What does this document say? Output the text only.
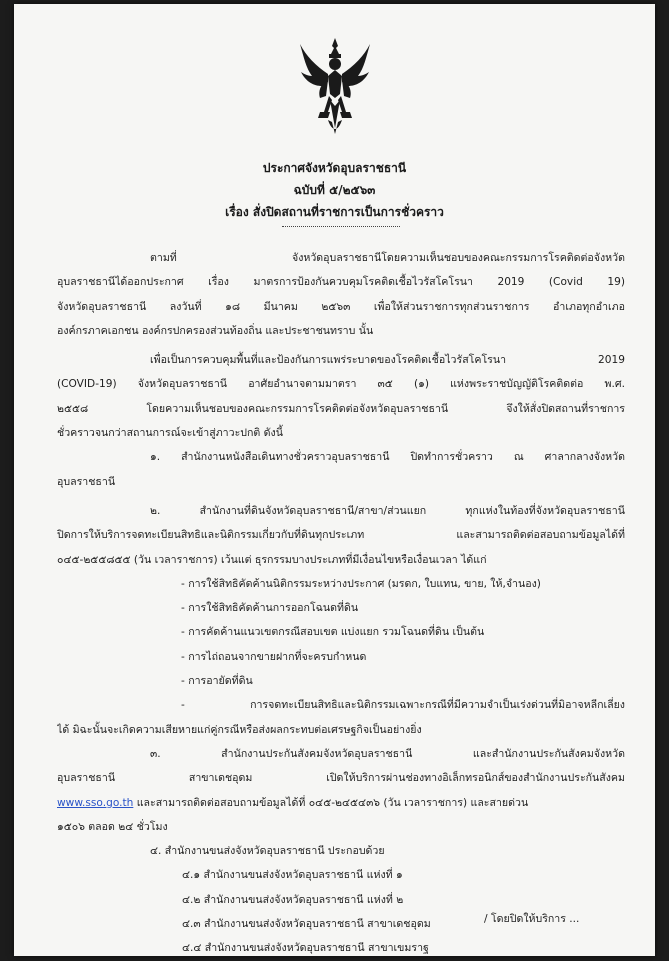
ประกาศจังหวัดอุบลราชธานี
ฉบับที่ ๕/๒๕๖๓
เรื่อง สั่งปิดสถานที่ราชการเป็นการชั่วคราว
ตามที่ จังหวัดอุบลราชธานีโดยความเห็นชอบของคณะกรรมการโรคติดต่อจังหวัด
อุบลราชธานีได้ออกประกาศ เรื่อง มาตรการป้องกันควบคุมโรคติดเชื้อไวรัสโคโรนา 2019 (Covid 19)
จังหวัดอุบลราชธานี ลงวันที่ ๑๘ มีนาคม ๒๕๖๓ เพื่อให้ส่วนราชการทุกส่วนราชการ อำเภอทุกอำเภอ
องค์กรภาคเอกชน องค์กรปกครองส่วนท้องถิ่น และประชาชนทราบ นั้น
เพื่อเป็นการควบคุมพื้นที่และป้องกันการแพร่ระบาดของโรคติดเชื้อไวรัสโคโรนา 2019
(COVID-19) จังหวัดอุบลราชธานี อาศัยอำนาจตามมาตรา ๓๕ (๑) แห่งพระราชบัญญัติโรคติดต่อ พ.ศ.
๒๕๕๘ โดยความเห็นชอบของคณะกรรมการโรคติดต่อจังหวัดอุบลราชธานี จึงให้สั่งปิดสถานที่ราชการ
ชั่วคราวจนกว่าสถานการณ์จะเข้าสู่ภาวะปกติ ดังนี้
๑. สำนักงานหนังสือเดินทางชั่วคราวอุบลราชธานี ปิดทำการชั่วคราว ณ ศาลากลางจังหวัด
อุบลราชธานี
๒. สำนักงานที่ดินจังหวัดอุบลราชธานี/สาขา/ส่วนแยก ทุกแห่งในท้องที่จังหวัดอุบลราชธานี
ปิดการให้บริการจดทะเบียนสิทธิและนิติกรรมเกี่ยวกับที่ดินทุกประเภท และสามารถติดต่อสอบถามข้อมูลได้ที่
๐๔๕-๒๕๕๘๕๕ (วัน เวลาราชการ) เว้นแต่ ธุรกรรมบางประเภทที่มีเงื่อนไขหรือเงื่อนเวลา ได้แก่
- การใช้สิทธิคัดค้านนิติกรรมระหว่างประกาศ (มรดก, ใบแทน, ขาย, ให้,จำนอง)
- การใช้สิทธิคัดค้านการออกโฉนดที่ดิน
- การคัดค้านแนวเขตกรณีสอบเขต แบ่งแยก รวมโฉนดที่ดิน เป็นต้น
- การไถ่ถอนจากขายฝากที่จะครบกำหนด
- การอายัดที่ดิน
- การจดทะเบียนสิทธิและนิติกรรมเฉพาะกรณีที่มีความจำเป็นเร่งด่วนที่มิอาจหลีกเลี่ยง
ได้ มิฉะนั้นจะเกิดความเสียหายแก่คู่กรณีหรือส่งผลกระทบต่อเศรษฐกิจเป็นอย่างยิ่ง
๓. สำนักงานประกันสังคมจังหวัดอุบลราชธานี และสำนักงานประกันสังคมจังหวัด
อุบลราชธานี สาขาเดชอุดม เปิดให้บริการผ่านช่องทางอิเล็กทรอนิกส์ของสำนักงานประกันสังคม
www.sso.go.th และสามารถติดต่อสอบถามข้อมูลได้ที่ ๐๔๕-๒๔๕๔๓๖ (วัน เวลาราชการ) และสายด่วน
๑๕๐๖ ตลอด ๒๔ ชั่วโมง
๔. สำนักงานขนส่งจังหวัดอุบลราชธานี ประกอบด้วย
๔.๑ สำนักงานขนส่งจังหวัดอุบลราชธานี แห่งที่ ๑
๔.๒ สำนักงานขนส่งจังหวัดอุบลราชธานี แห่งที่ ๒
๔.๓ สำนักงานขนส่งจังหวัดอุบลราชธานี สาขาเดชอุดม
๔.๔ สำนักงานขนส่งจังหวัดอุบลราชธานี สาขาเขมราฐ
/ โดยปิดให้บริการ ...
